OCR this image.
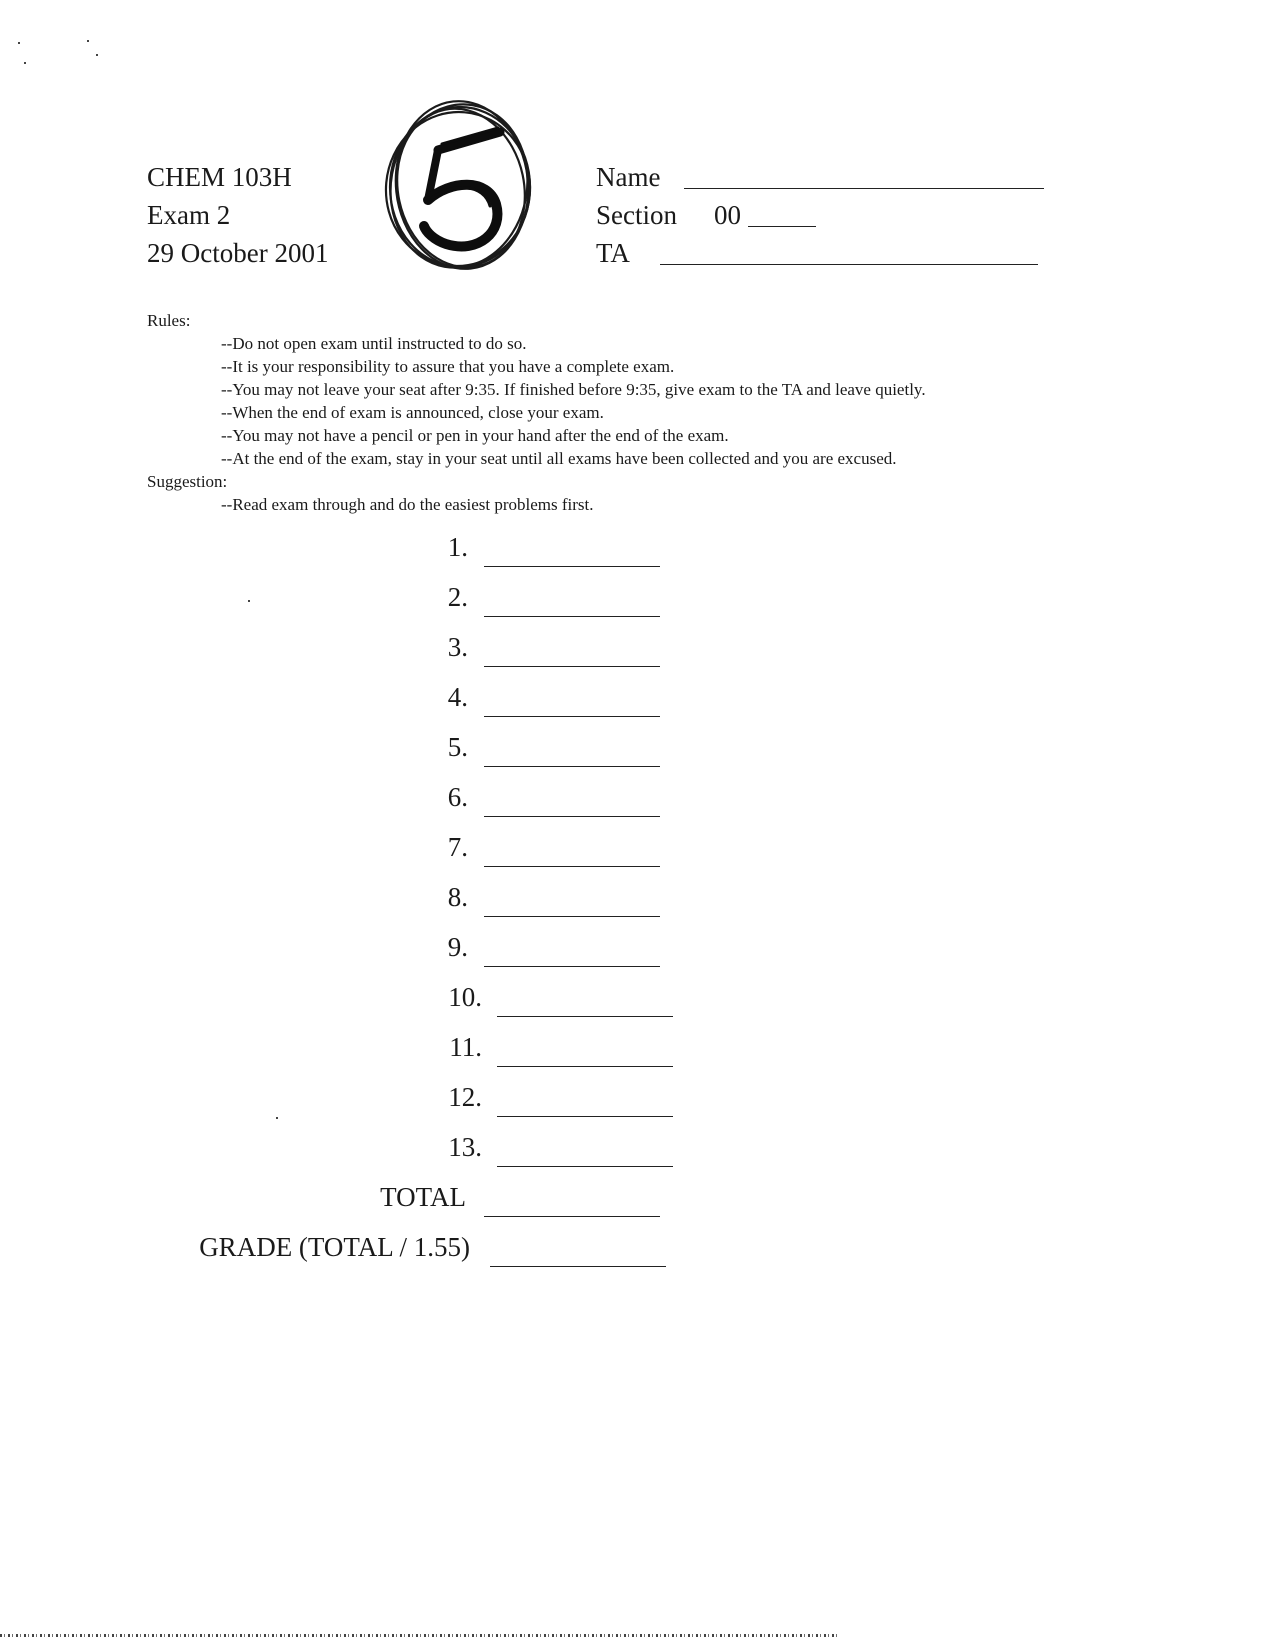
CHEM 103H
Exam 2
29 October 2001
Name
Section 00
TA
Rules:
--Do not open exam until instructed to do so.
--It is your responsibility to assure that you have a complete exam.
--You may not leave your seat after 9:35. If finished before 9:35, give exam to the TA and leave quietly.
--When the end of exam is announced, close your exam.
--You may not have a pencil or pen in your hand after the end of the exam.
--At the end of the exam, stay in your seat until all exams have been collected and you are excused.
Suggestion:
--Read exam through and do the easiest problems first.
1.
2.
3.
4.
5.
6.
7.
8.
9.
10.
11.
12.
13.
TOTAL
GRADE (TOTAL / 1.55)
